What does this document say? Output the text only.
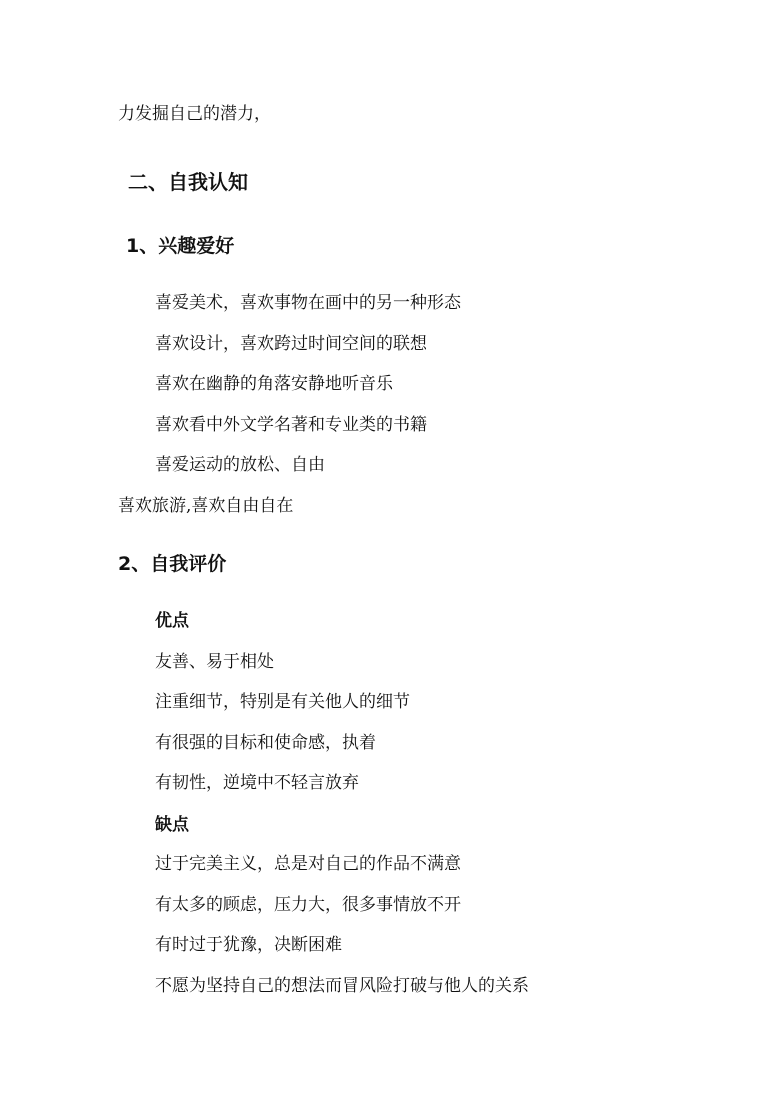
力发掘自己的潜力，
二、自我认知
1、兴趣爱好
喜爱美术，喜欢事物在画中的另一种形态
喜欢设计，喜欢跨过时间空间的联想
喜欢在幽静的角落安静地听音乐
喜欢看中外文学名著和专业类的书籍
喜爱运动的放松、自由
喜欢旅游,喜欢自由自在
2、自我评价
优点
友善、易于相处
注重细节，特别是有关他人的细节
有很强的目标和使命感，执着
有韧性，逆境中不轻言放弃
缺点
过于完美主义，总是对自己的作品不满意
有太多的顾虑，压力大，很多事情放不开
有时过于犹豫，决断困难
不愿为坚持自己的想法而冒风险打破与他人的关系
